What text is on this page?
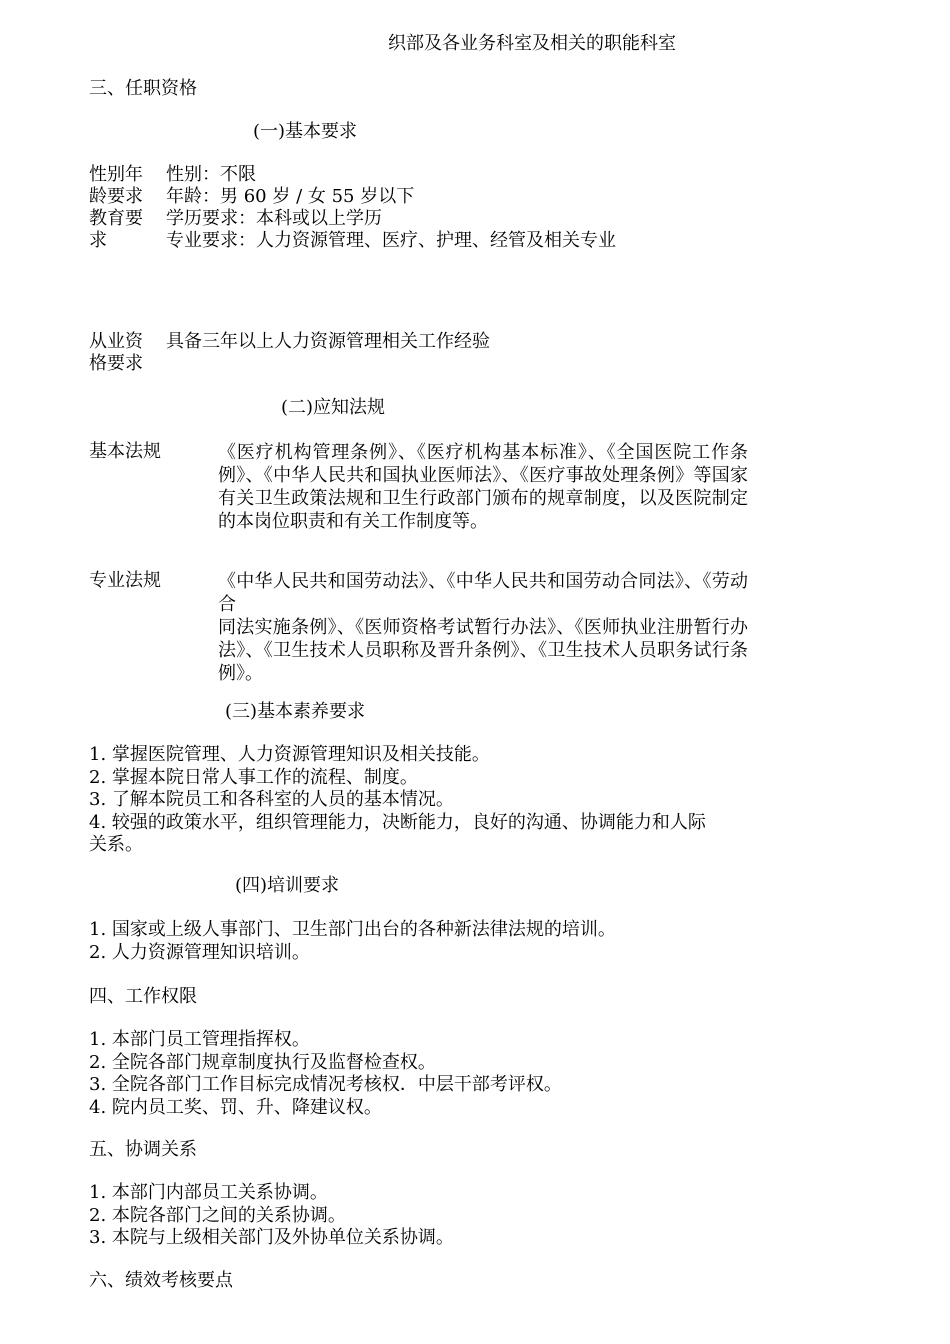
织部及各业务科室及相关的职能科室
三、任职资格
(一)基本要求
性别年 性别：不限
龄要求 年龄：男 60 岁 / 女 55 岁以下
教育要 学历要求：本科或以上学历
求	专业要求：人力资源管理、医疗、护理、经管及相关专业
从业资 具备三年以上人力资源管理相关工作经验
格要求
(二)应知法规
基本法规	《医疗机构管理条例》、《医疗机构基本标准》、《全国医院工作条例》、《中华人民共和国执业医师法》、《医疗事故处理条例》等国家有关卫生政策法规和卫生行政部门颁布的规章制度，以及医院制定的本岗位职责和有关工作制度等。
专业法规	《中华人民共和国劳动法》、《中华人民共和国劳动合同法》、《劳动合
同法实施条例》、《医师资格考试暂行办法》、《医师执业注册暂行办法》、《卫生技术人员职称及晋升条例》、《卫生技术人员职务试行条例》。
(三)基本素养要求
1. 掌握医院管理、人力资源管理知识及相关技能。
2. 掌握本院日常人事工作的流程、制度。
3. 了解本院员工和各科室的人员的基本情况。
4. 较强的政策水平，组织管理能力，决断能力，良好的沟通、协调能力和人际
关系。
(四)培训要求
1. 国家或上级人事部门、卫生部门出台的各种新法律法规的培训。
2. 人力资源管理知识培训。
四、工作权限
1. 本部门员工管理指挥权。
2. 全院各部门规章制度执行及监督检查权。
3. 全院各部门工作目标完成情况考核权．中层干部考评权。
4. 院内员工奖、罚、升、降建议权。
五、协调关系
1. 本部门内部员工关系协调。
2. 本院各部门之间的关系协调。
3. 本院与上级相关部门及外协单位关系协调。
六、绩效考核要点
